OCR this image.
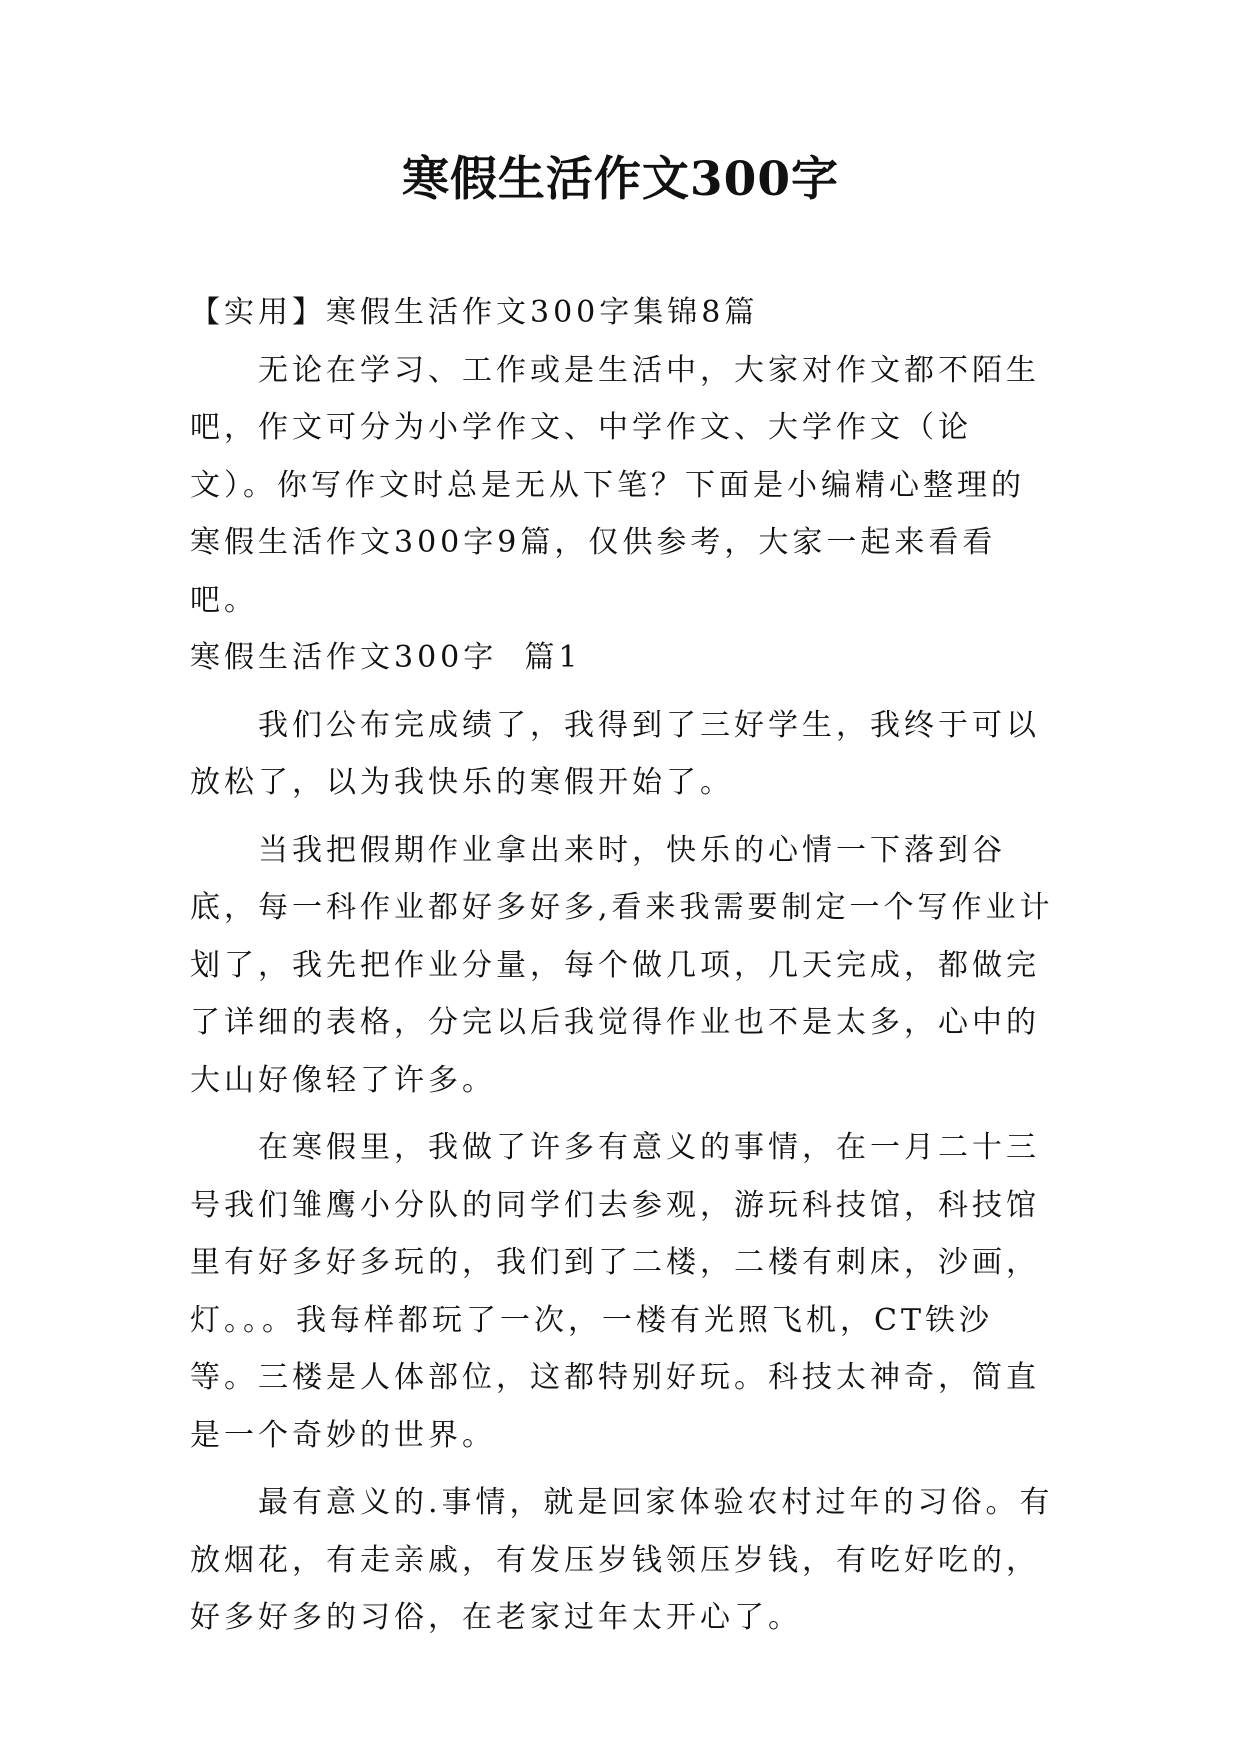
寒假生活作文300字

【实用】寒假生活作文300字集锦8篇

无论在学习、工作或是生活中，大家对作文都不陌生吧，作文可分为小学作文、中学作文、大学作文（论文）。你写作文时总是无从下笔？下面是小编精心整理的寒假生活作文300字9篇，仅供参考，大家一起来看看吧。

寒假生活作文300字  篇1

我们公布完成绩了，我得到了三好学生，我终于可以放松了，以为我快乐的寒假开始了。

当我把假期作业拿出来时，快乐的心情一下落到谷底，每一科作业都好多好多,看来我需要制定一个写作业计划了，我先把作业分量，每个做几项，几天完成，都做完了详细的表格，分完以后我觉得作业也不是太多，心中的大山好像轻了许多。

在寒假里，我做了许多有意义的事情，在一月二十三号我们雏鹰小分队的同学们去参观，游玩科技馆，科技馆里有好多好多玩的，我们到了二楼，二楼有刺床，沙画，灯。。。我每样都玩了一次，一楼有光照飞机，CT铁沙等。三楼是人体部位，这都特别好玩。科技太神奇，简直是一个奇妙的世界。

最有意义的.事情，就是回家体验农村过年的习俗。有放烟花，有走亲戚，有发压岁钱领压岁钱，有吃好吃的，好多好多的习俗，在老家过年太开心了。
